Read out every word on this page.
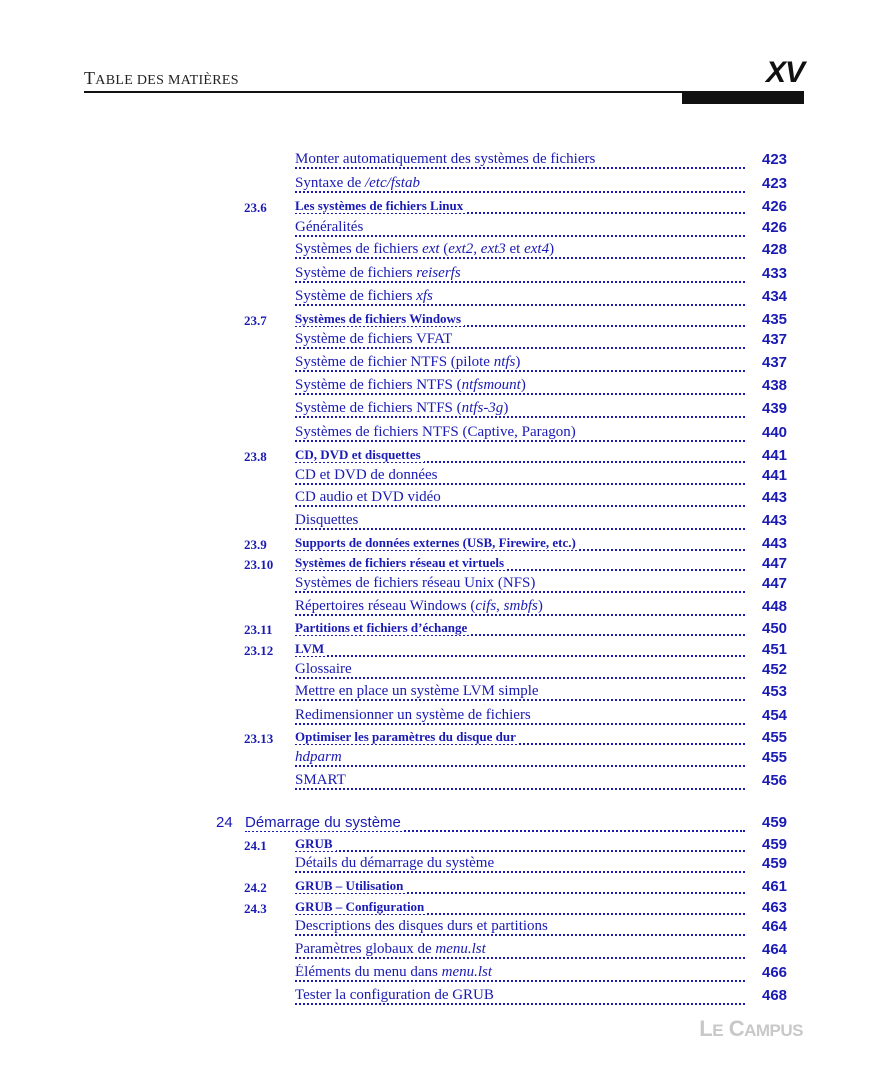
TABLE DES MATIÈRES	XV
Monter automatiquement des systèmes de fichiers	423
Syntaxe de /etc/fstab	423
23.6 Les systèmes de fichiers Linux	426
Généralités	426
Systèmes de fichiers ext (ext2, ext3 et ext4)	428
Système de fichiers reiserfs	433
Système de fichiers xfs	434
23.7 Systèmes de fichiers Windows	435
Système de fichiers VFAT	437
Système de fichier NTFS (pilote ntfs)	437
Système de fichiers NTFS (ntfsmount)	438
Système de fichiers NTFS (ntfs-3g)	439
Systèmes de fichiers NTFS (Captive, Paragon)	440
23.8 CD, DVD et disquettes	441
CD et DVD de données	441
CD audio et DVD vidéo	443
Disquettes	443
23.9 Supports de données externes (USB, Firewire, etc.)	443
23.10 Systèmes de fichiers réseau et virtuels	447
Systèmes de fichiers réseau Unix (NFS)	447
Répertoires réseau Windows (cifs, smbfs)	448
23.11 Partitions et fichiers d’échange	450
23.12 LVM	451
Glossaire	452
Mettre en place un système LVM simple	453
Redimensionner un système de fichiers	454
23.13 Optimiser les paramètres du disque dur	455
hdparm	455
SMART	456
24 Démarrage du système	459
24.1 GRUB	459
Détails du démarrage du système	459
24.2 GRUB – Utilisation	461
24.3 GRUB – Configuration	463
Descriptions des disques durs et partitions	464
Paramètres globaux de menu.lst	464
Éléments du menu dans menu.lst	466
Tester la configuration de GRUB	468
LE CAMPUS
